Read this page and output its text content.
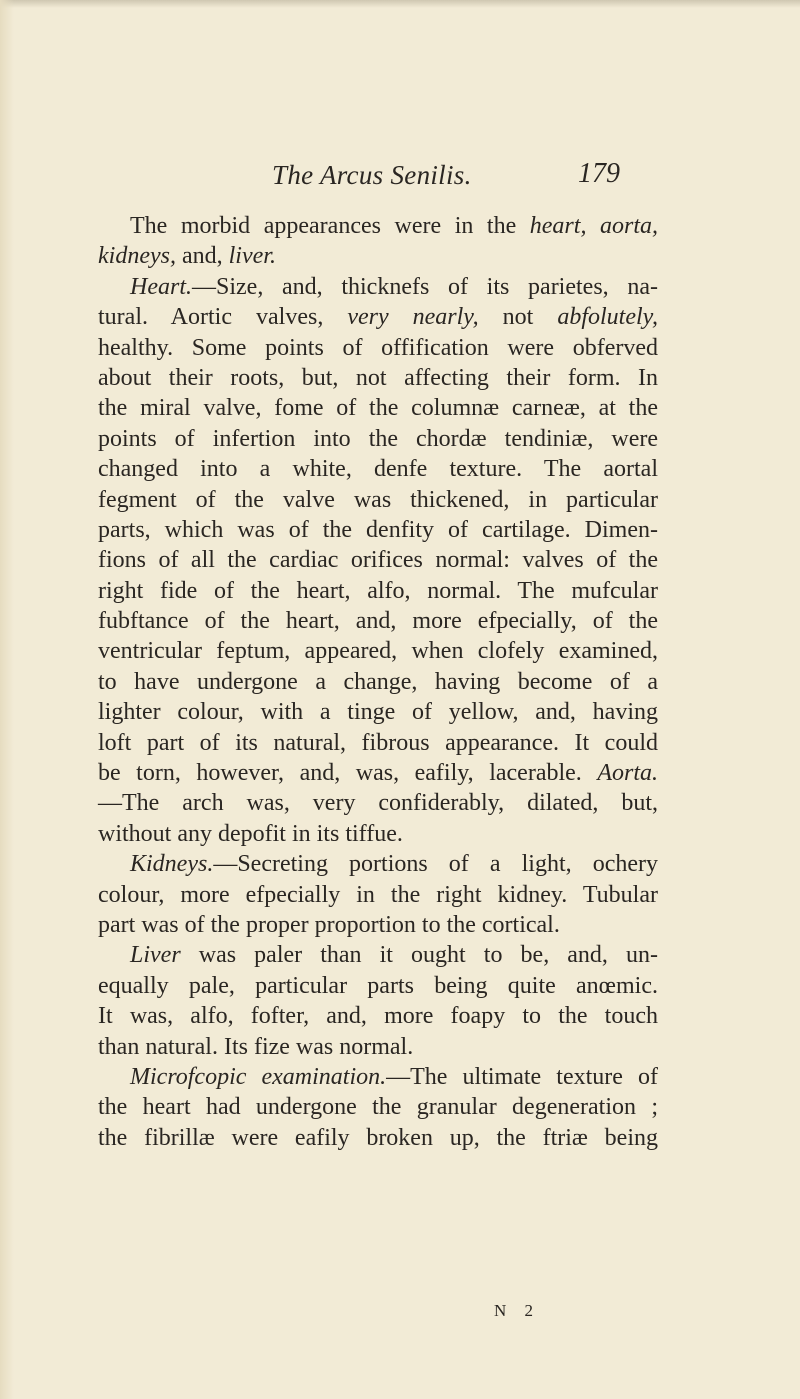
The Arcus Senilis.	179
The morbid appearances were in the heart, aorta,
kidneys, and, liver.
Heart.—Size, and, thicknefs of its parietes, na-
tural. Aortic valves, very nearly, not abfolutely,
healthy. Some points of offification were obferved
about their roots, but, not affecting their form. In
the miral valve, fome of the columnæ carneæ, at the
points of infertion into the chordæ tendiniæ, were
changed into a white, denfe texture. The aortal
fegment of the valve was thickened, in particular
parts, which was of the denfity of cartilage. Dimen-
fions of all the cardiac orifices normal: valves of the
right fide of the heart, alfo, normal. The mufcular
fubftance of the heart, and, more efpecially, of the
ventricular feptum, appeared, when clofely examined,
to have undergone a change, having become of a
lighter colour, with a tinge of yellow, and, having
loft part of its natural, fibrous appearance. It could
be torn, however, and, was, eafily, lacerable. Aorta.
—The arch was, very confiderably, dilated, but,
without any depofit in its tiffue.
Kidneys.—Secreting portions of a light, ochery
colour, more efpecially in the right kidney. Tubular
part was of the proper proportion to the cortical.
Liver was paler than it ought to be, and, un-
equally pale, particular parts being quite anœmic.
It was, alfo, fofter, and, more foapy to the touch
than natural. Its fize was normal.
Microfcopic examination.—The ultimate texture of
the heart had undergone the granular degeneration ;
the fibrillæ were eafily broken up, the ftriæ being
N 2
